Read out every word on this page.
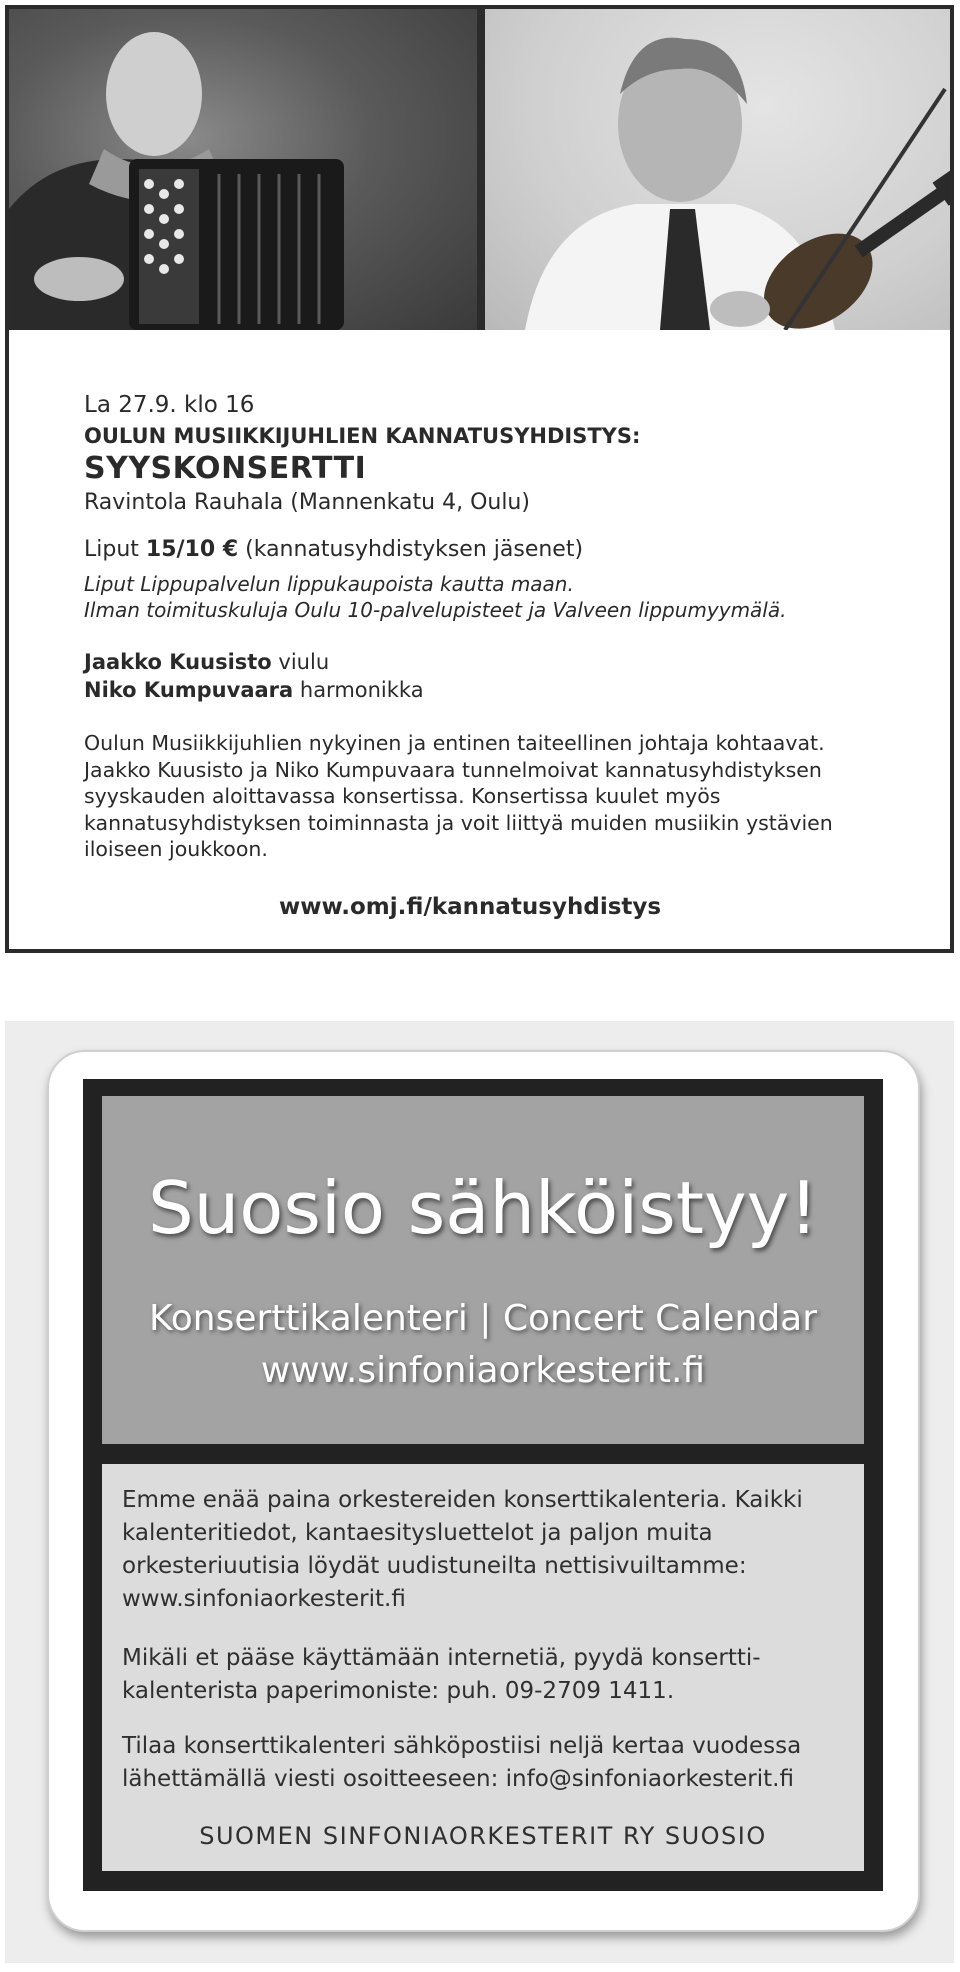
La 27.9. klo 16
OULUN MUSIIKKIJUHLIEN KANNATUSYHDISTYS:
SYYSKONSERTTI
Ravintola Rauhala (Mannenkatu 4, Oulu)
Liput 15/10 € (kannatusyhdistyksen jäsenet)
Liput Lippupalvelun lippukaupoista kautta maan.
Ilman toimituskuluja Oulu 10-palvelupisteet ja Valveen lippumyymälä.
Jaakko Kuusisto viulu
Niko Kumpuvaara harmonikka
Oulun Musiikkijuhlien nykyinen ja entinen taiteellinen johtaja kohtaavat. Jaakko Kuusisto ja Niko Kumpuvaara tunnelmoivat kannatusyhdistyksen syyskauden aloittavassa konsertissa. Konsertissa kuulet myös kannatusyhdistyksen toiminnasta ja voit liittyä muiden musiikin ystävien iloiseen joukkoon.
www.omj.fi/kannatusyhdistys
Suosio sähköistyy!
Konserttikalenteri | Concert Calendar
www.sinfoniaorkesterit.fi
Emme enää paina orkestereiden konserttikalenteria. Kaikki kalenteritiedot, kantaesitysluettelot ja paljon muita orkesteriuutisia löydät uudistuneilta nettisivuiltamme: www.sinfoniaorkesterit.fi
Mikäli et pääse käyttämään internetiä, pyydä konsertti-kalenterista paperimoniste: puh. 09-2709 1411.
Tilaa konserttikalenteri sähköpostiisi neljä kertaa vuodessa lähettämällä viesti osoitteeseen: info@sinfoniaorkesterit.fi
SUOMEN SINFONIAORKESTERIT RY SUOSIO
